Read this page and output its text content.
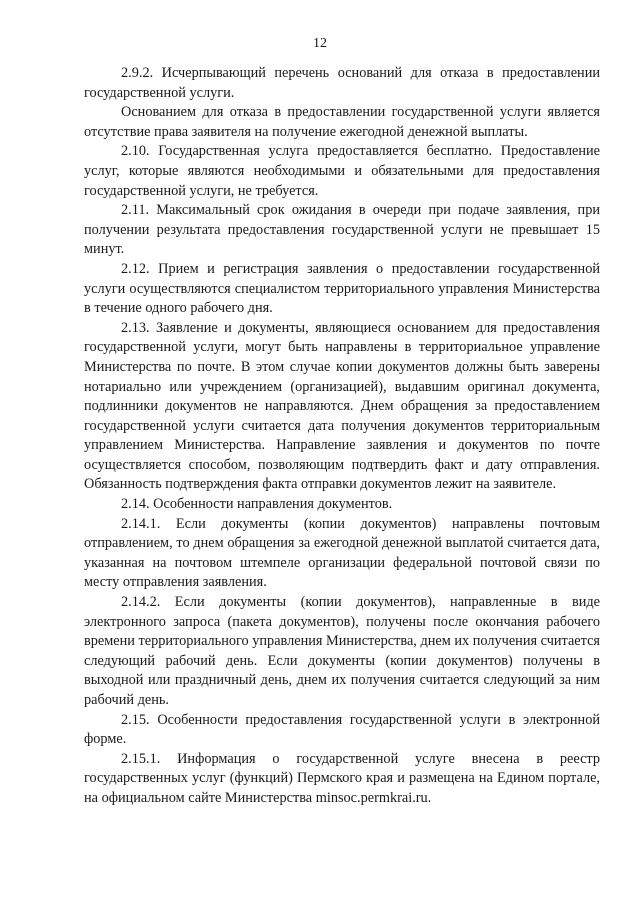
12

2.9.2. Исчерпывающий перечень оснований для отказа в предоставлении государственной услуги.

Основанием для отказа в предоставлении государственной услуги является отсутствие права заявителя на получение ежегодной денежной выплаты.

2.10. Государственная услуга предоставляется бесплатно. Предоставление услуг, которые являются необходимыми и обязательными для предоставления государственной услуги, не требуется.

2.11. Максимальный срок ожидания в очереди при подаче заявления, при получении результата предоставления государственной услуги не превышает 15 минут.

2.12. Прием и регистрация заявления о предоставлении государственной услуги осуществляются специалистом территориального управления Министерства в течение одного рабочего дня.

2.13. Заявление и документы, являющиеся основанием для предоставления государственной услуги, могут быть направлены в территориальное управление Министерства по почте. В этом случае копии документов должны быть заверены нотариально или учреждением (организацией), выдавшим оригинал документа, подлинники документов не направляются. Днем обращения за предоставлением государственной услуги считается дата получения документов территориальным управлением Министерства. Направление заявления и документов по почте осуществляется способом, позволяющим подтвердить факт и дату отправления. Обязанность подтверждения факта отправки документов лежит на заявителе.

2.14. Особенности направления документов.

2.14.1. Если документы (копии документов) направлены почтовым отправлением, то днем обращения за ежегодной денежной выплатой считается дата, указанная на почтовом штемпеле организации федеральной почтовой связи по месту отправления заявления.

2.14.2. Если документы (копии документов), направленные в виде электронного запроса (пакета документов), получены после окончания рабочего времени территориального управления Министерства, днем их получения считается следующий рабочий день. Если документы (копии документов) получены в выходной или праздничный день, днем их получения считается следующий за ним рабочий день.

2.15. Особенности предоставления государственной услуги в электронной форме.

2.15.1. Информация о государственной услуге внесена в реестр государственных услуг (функций) Пермского края и размещена на Едином портале, на официальном сайте Министерства minsoc.permkrai.ru.
